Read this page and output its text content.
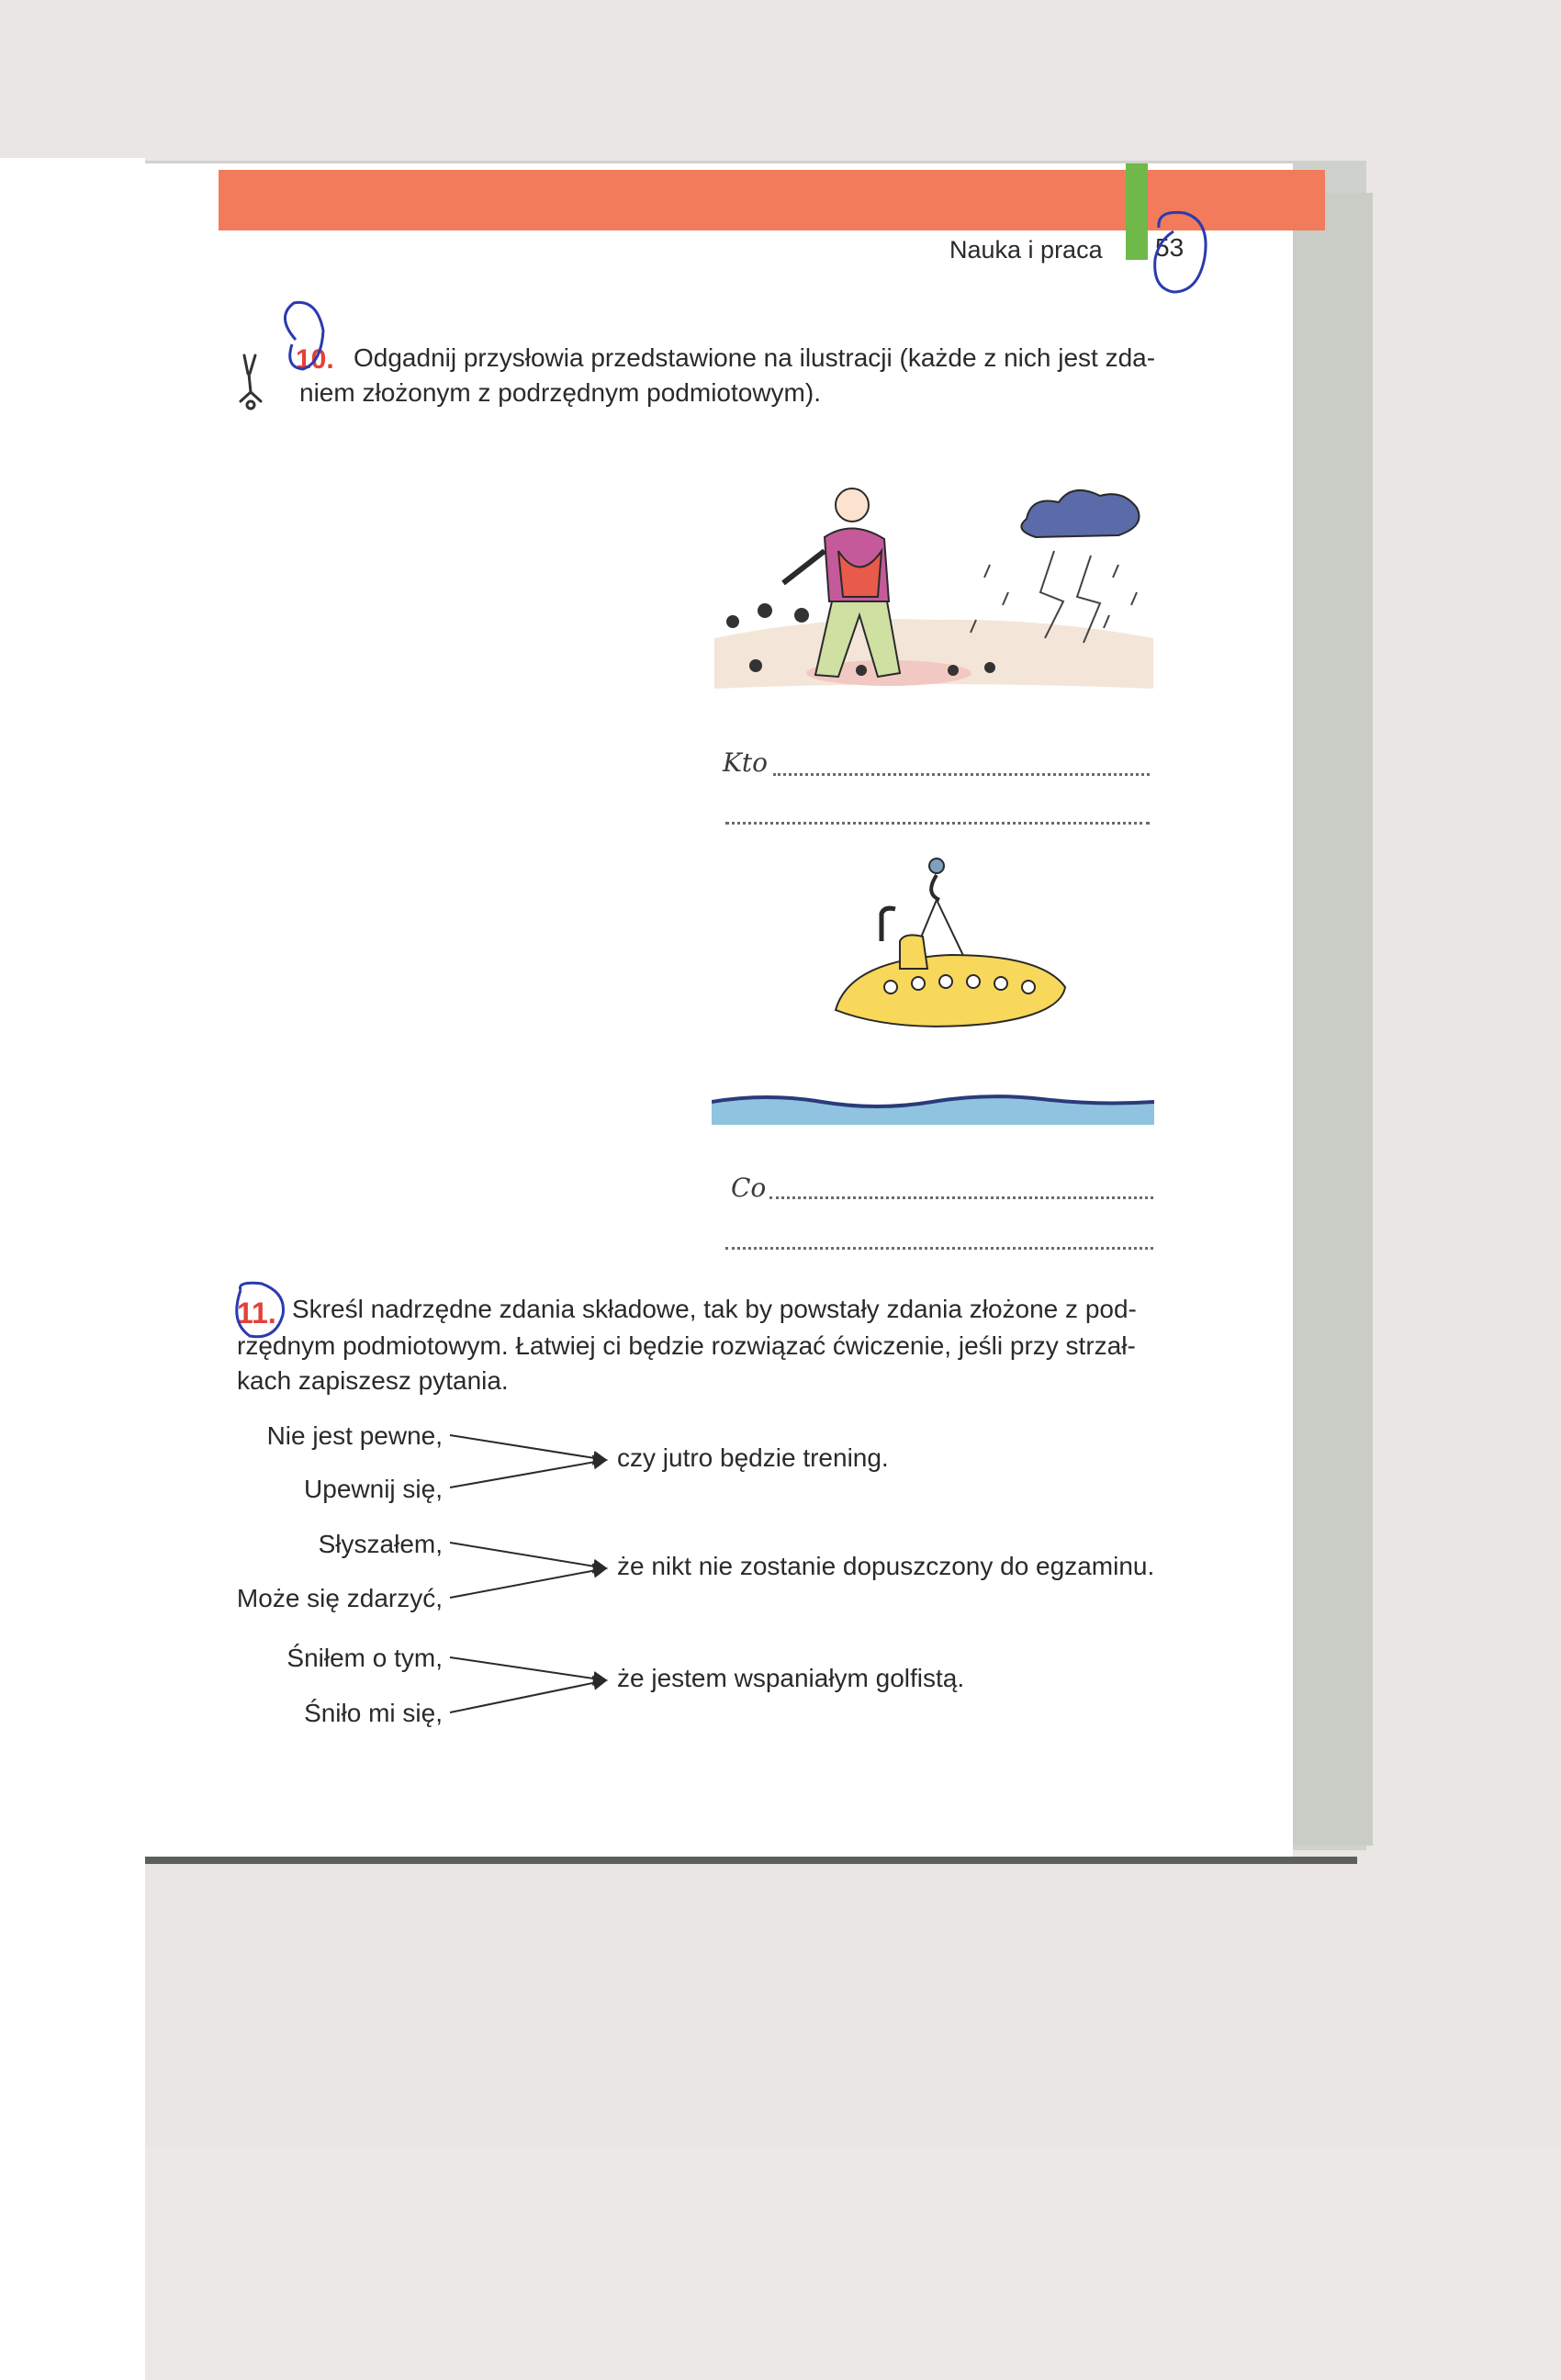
Nauka i praca 53
10. Odgadnij przysłowia przedstawione na ilustracji (każde z nich jest zda-
niem złożonym z podrzędnym podmiotowym).
Kto
Co
11. Skreśl nadrzędne zdania składowe, tak by powstały zdania złożone z pod-
rzędnym podmiotowym. Łatwiej ci będzie rozwiązać ćwiczenie, jeśli przy strzał-
kach zapiszesz pytania.
Nie jest pewne,
Upewnij się,
czy jutro będzie trening.
Słyszałem,
Może się zdarzyć,
że nikt nie zostanie dopuszczony do egzaminu.
Śniłem o tym,
Śniło mi się,
że jestem wspaniałym golfistą.
